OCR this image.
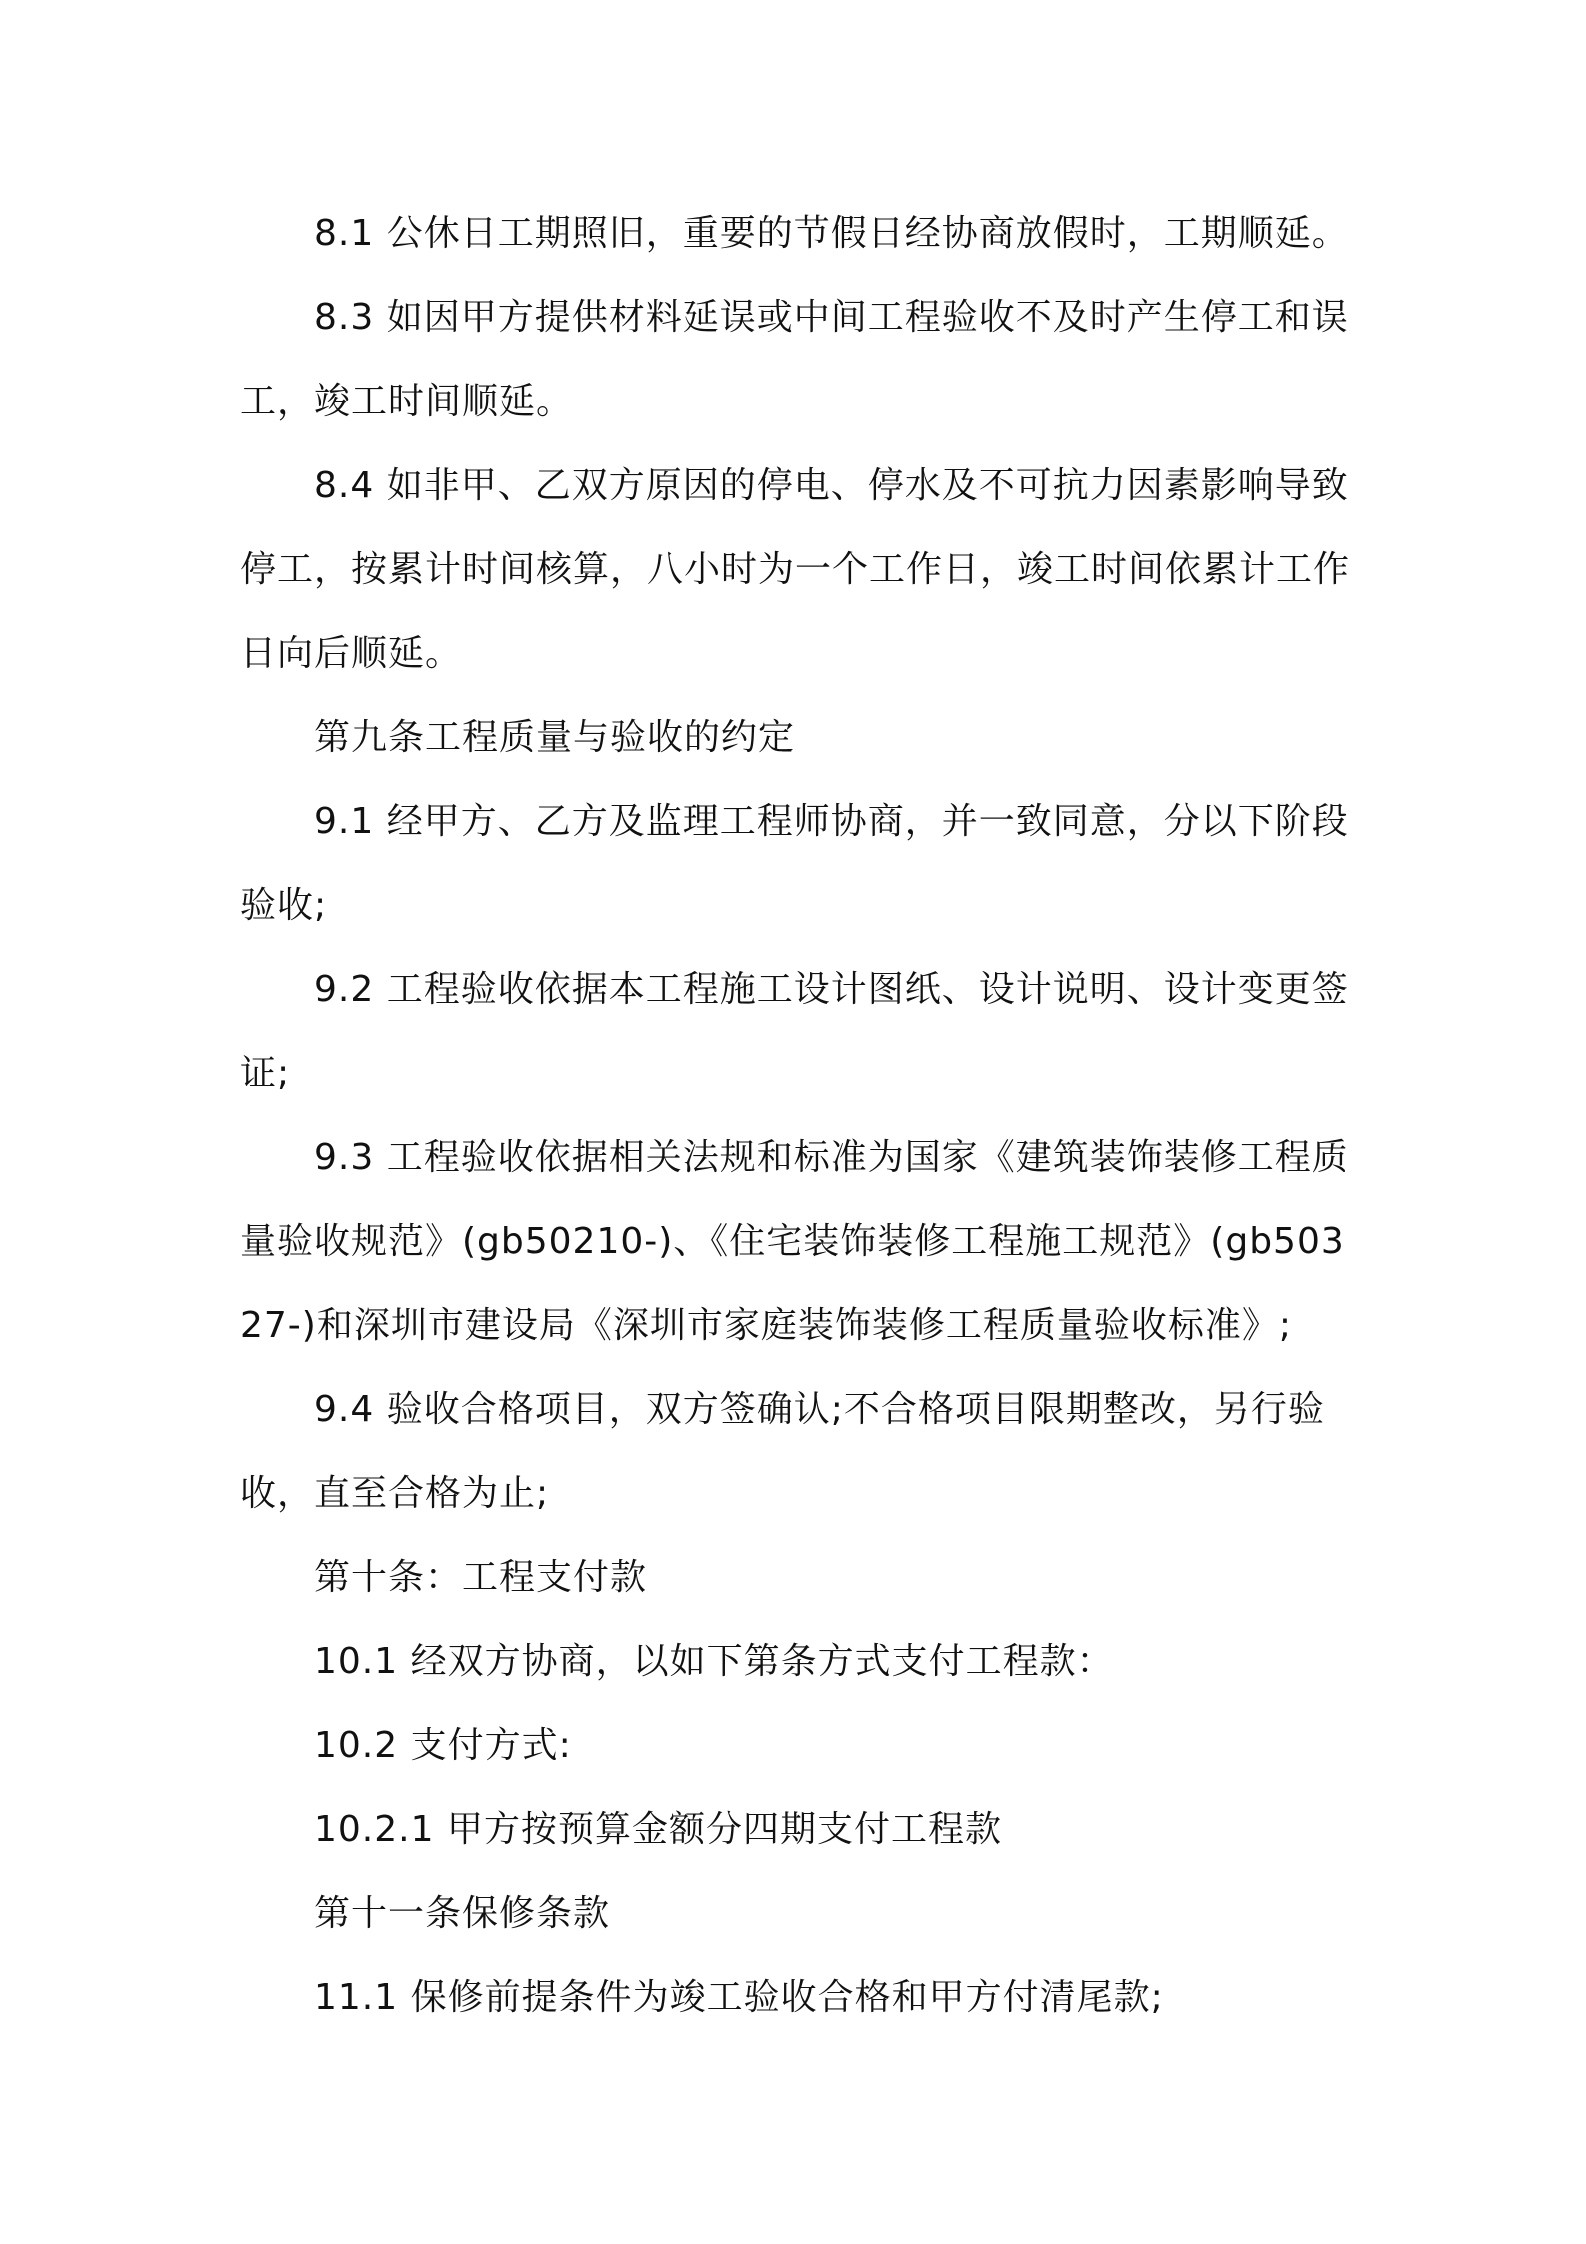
8.1 公休日工期照旧，重要的节假日经协商放假时，工期顺延。

8.3 如因甲方提供材料延误或中间工程验收不及时产生停工和误工，竣工时间顺延。

8.4 如非甲、乙双方原因的停电、停水及不可抗力因素影响导致停工，按累计时间核算，八小时为一个工作日，竣工时间依累计工作日向后顺延。

第九条工程质量与验收的约定

9.1 经甲方、乙方及监理工程师协商，并一致同意，分以下阶段验收;

9.2 工程验收依据本工程施工设计图纸、设计说明、设计变更签证;

9.3 工程验收依据相关法规和标准为国家《建筑装饰装修工程质量验收规范》(gb50210-)、《住宅装饰装修工程施工规范》(gb50327-)和深圳市建设局《深圳市家庭装饰装修工程质量验收标准》;

9.4 验收合格项目，双方签确认;不合格项目限期整改，另行验收，直至合格为止;

第十条：工程支付款

10.1 经双方协商，以如下第条方式支付工程款：

10.2 支付方式:

10.2.1 甲方按预算金额分四期支付工程款

第十一条保修条款

11.1 保修前提条件为竣工验收合格和甲方付清尾款;
